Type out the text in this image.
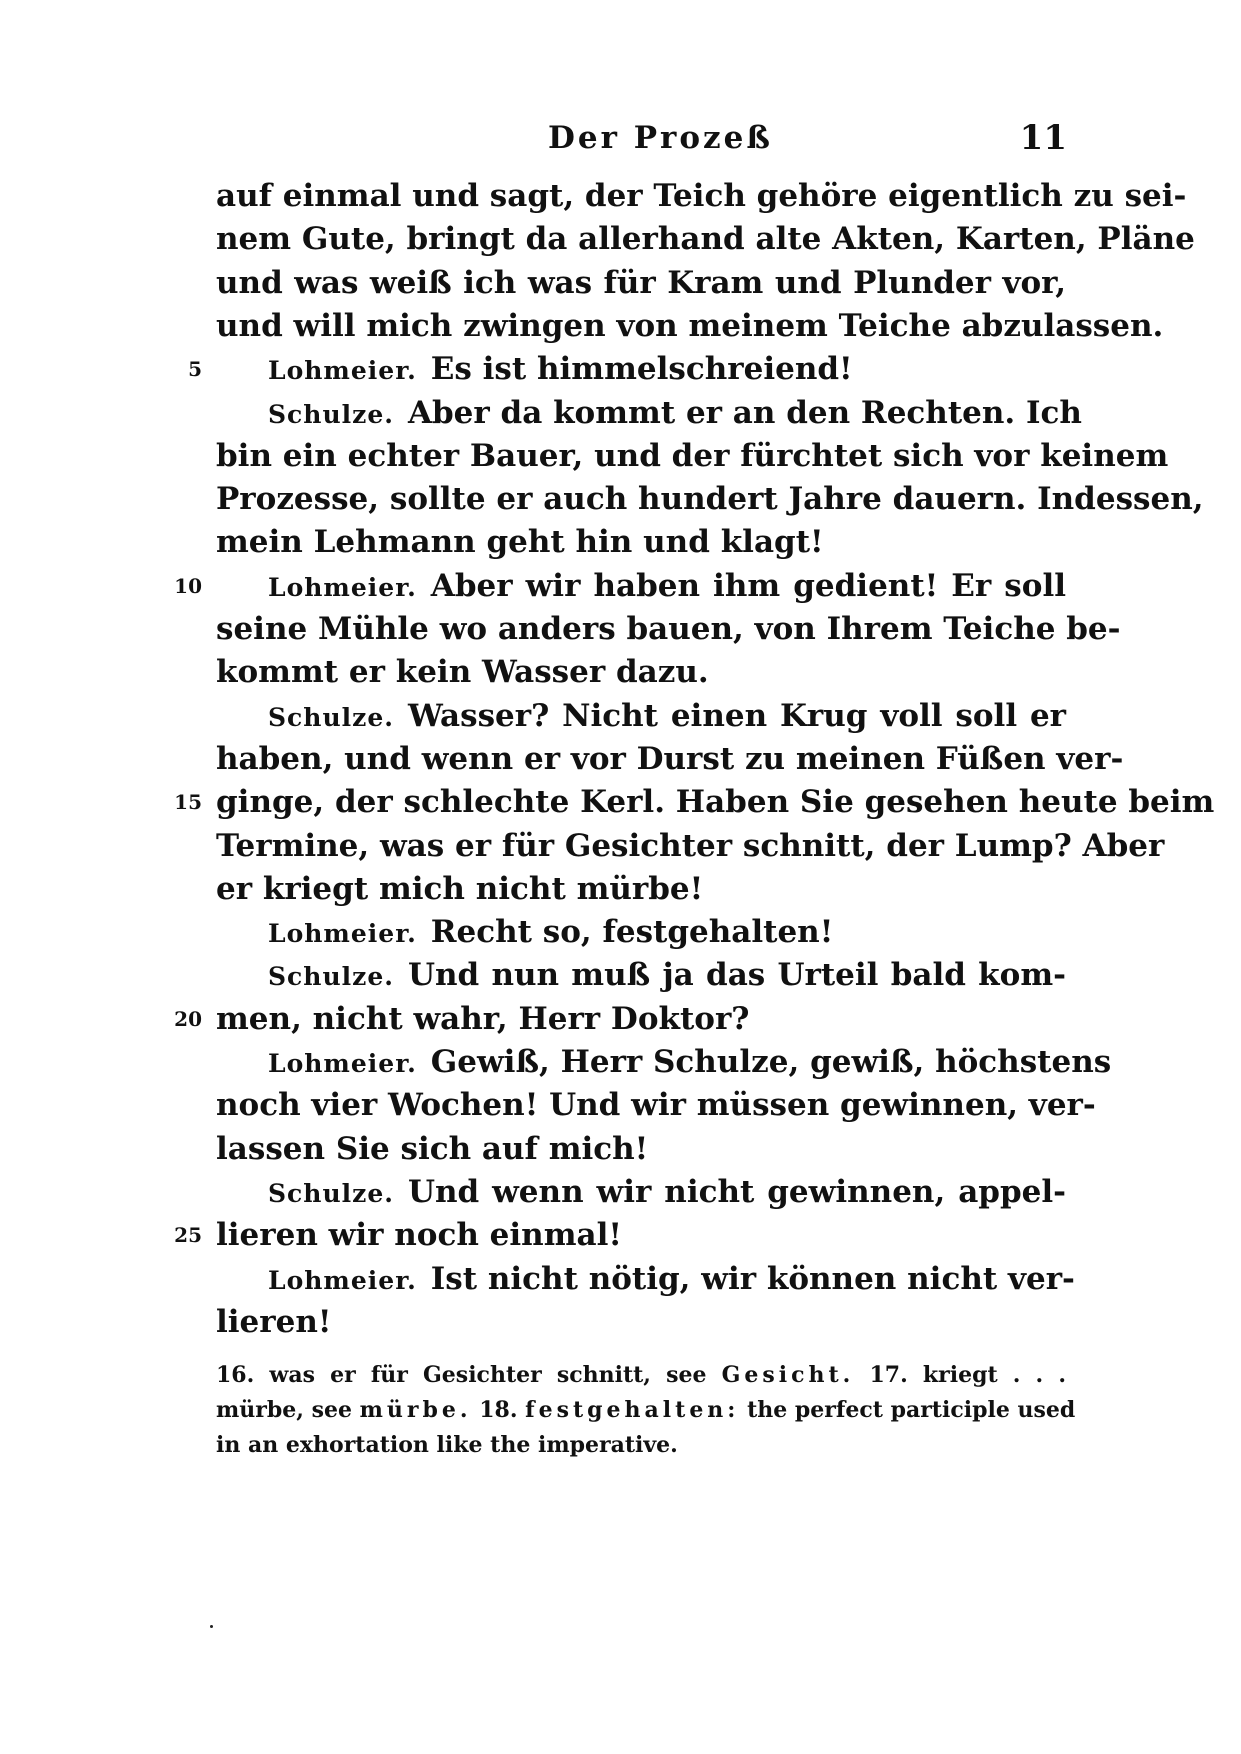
Der Prozeß	11
auf einmal und sagt, der Teich gehöre eigentlich zu sei-
nem Gute, bringt da allerhand alte Akten, Karten, Pläne
und was weiß ich was für Kram und Plunder vor,
und will mich zwingen von meinem Teiche abzulassen.
Lohmeier. Es ist himmelschreiend!
5
Schulze. Aber da kommt er an den Rechten. Ich
bin ein echter Bauer, und der fürchtet sich vor keinem
Prozesse, sollte er auch hundert Jahre dauern. Indessen,
mein Lehmann geht hin und klagt!
Lohmeier. Aber wir haben ihm gedient! Er soll
10
seine Mühle wo anders bauen, von Ihrem Teiche be-
kommt er kein Wasser dazu.
Schulze. Wasser? Nicht einen Krug voll soll er
haben, und wenn er vor Durst zu meinen Füßen ver-
ginge, der schlechte Kerl. Haben Sie gesehen heute beim
15
Termine, was er für Gesichter schnitt, der Lump? Aber
er kriegt mich nicht mürbe!
Lohmeier. Recht so, festgehalten!
Schulze. Und nun muß ja das Urteil bald kom-
men, nicht wahr, Herr Doktor?
20
Lohmeier. Gewiß, Herr Schulze, gewiß, höchstens
noch vier Wochen! Und wir müssen gewinnen, ver-
lassen Sie sich auf mich!
Schulze. Und wenn wir nicht gewinnen, appel-
lieren wir noch einmal!
25
Lohmeier. Ist nicht nötig, wir können nicht ver-
lieren!
16. was er für Gesichter schnitt, see Gesicht. 17. kriegt . . .
mürbe, see mürbe. 18. festgehalten: the perfect participle used
in an exhortation like the imperative.
